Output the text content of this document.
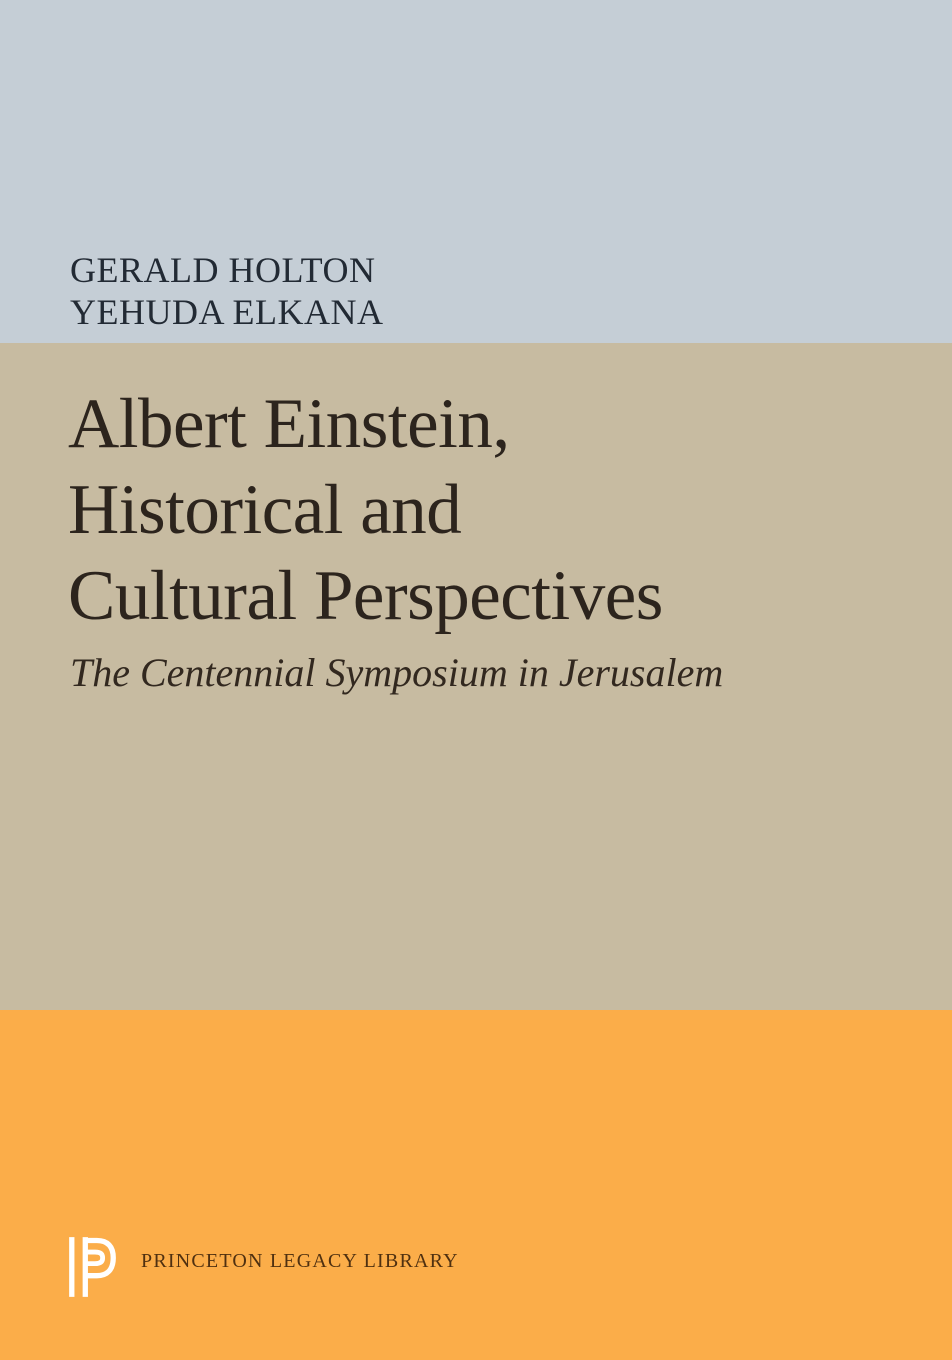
GERALD HOLTON
YEHUDA ELKANA
Albert Einstein,
Historical and
Cultural Perspectives
The Centennial Symposium in Jerusalem
PRINCETON LEGACY LIBRARY
